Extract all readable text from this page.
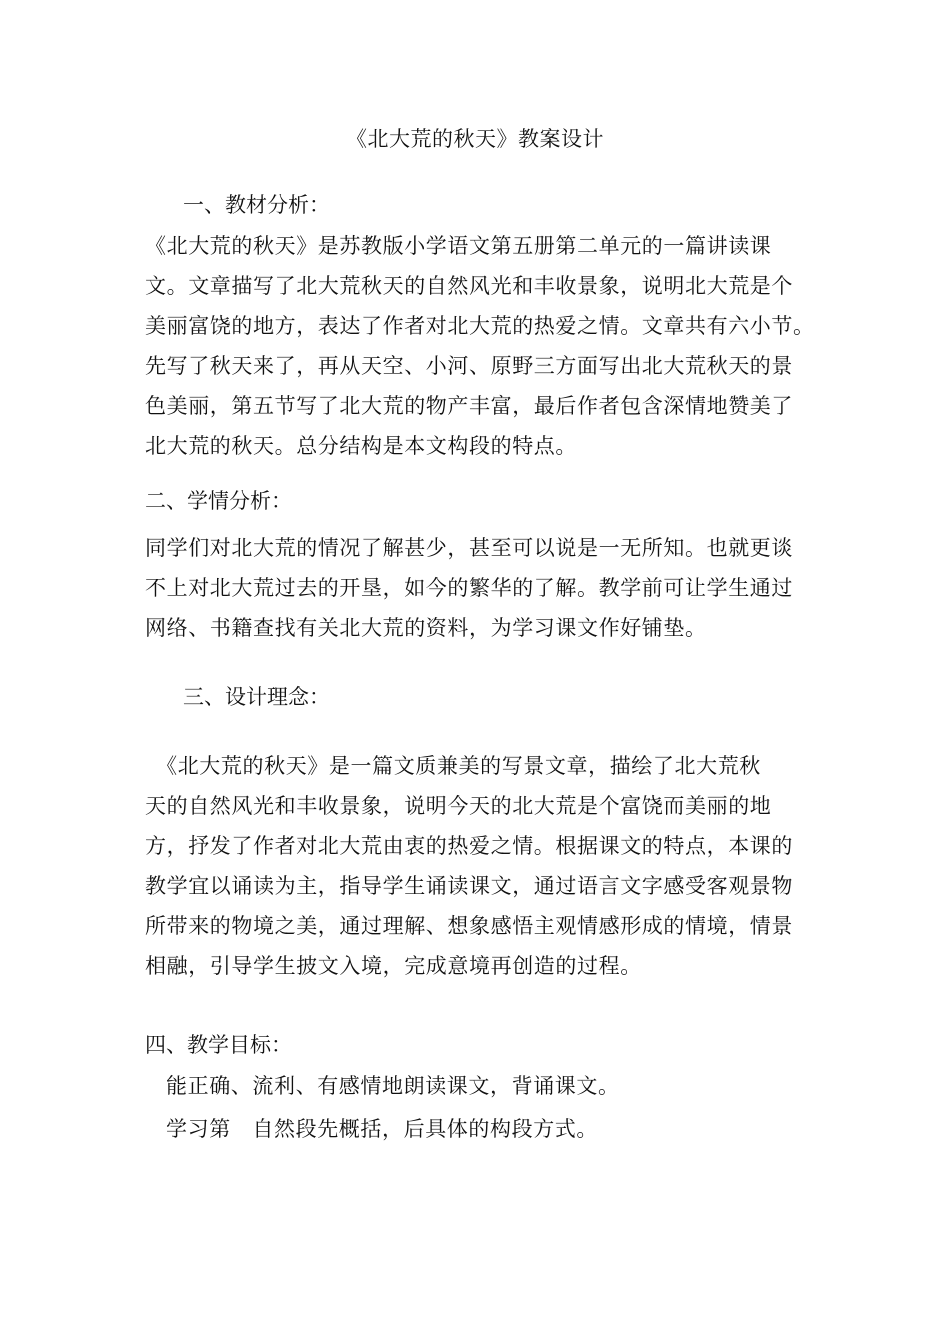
《北大荒的秋天》教案设计
一、教材分析：
《北大荒的秋天》是苏教版小学语文第五册第二单元的一篇讲读课
文。文章描写了北大荒秋天的自然风光和丰收景象，说明北大荒是个
美丽富饶的地方，表达了作者对北大荒的热爱之情。文章共有六小节。
先写了秋天来了，再从天空、小河、原野三方面写出北大荒秋天的景
色美丽，第五节写了北大荒的物产丰富，最后作者包含深情地赞美了
北大荒的秋天。总分结构是本文构段的特点。
二、学情分析：
同学们对北大荒的情况了解甚少，甚至可以说是一无所知。也就更谈
不上对北大荒过去的开垦，如今的繁华的了解。教学前可让学生通过
网络、书籍查找有关北大荒的资料，为学习课文作好铺垫。
三、设计理念：
　《北大荒的秋天》是一篇文质兼美的写景文章，描绘了北大荒秋
天的自然风光和丰收景象，说明今天的北大荒是个富饶而美丽的地
方，抒发了作者对北大荒由衷的热爱之情。根据课文的特点，本课的
教学宜以诵读为主，指导学生诵读课文，通过语言文字感受客观景物
所带来的物境之美，通过理解、想象感悟主观情感形成的情境，情景
相融，引导学生披文入境，完成意境再创造的过程。
四、教学目标：
能正确、流利、有感情地朗读课文，背诵课文。
学习第　自然段先概括，后具体的构段方式。
